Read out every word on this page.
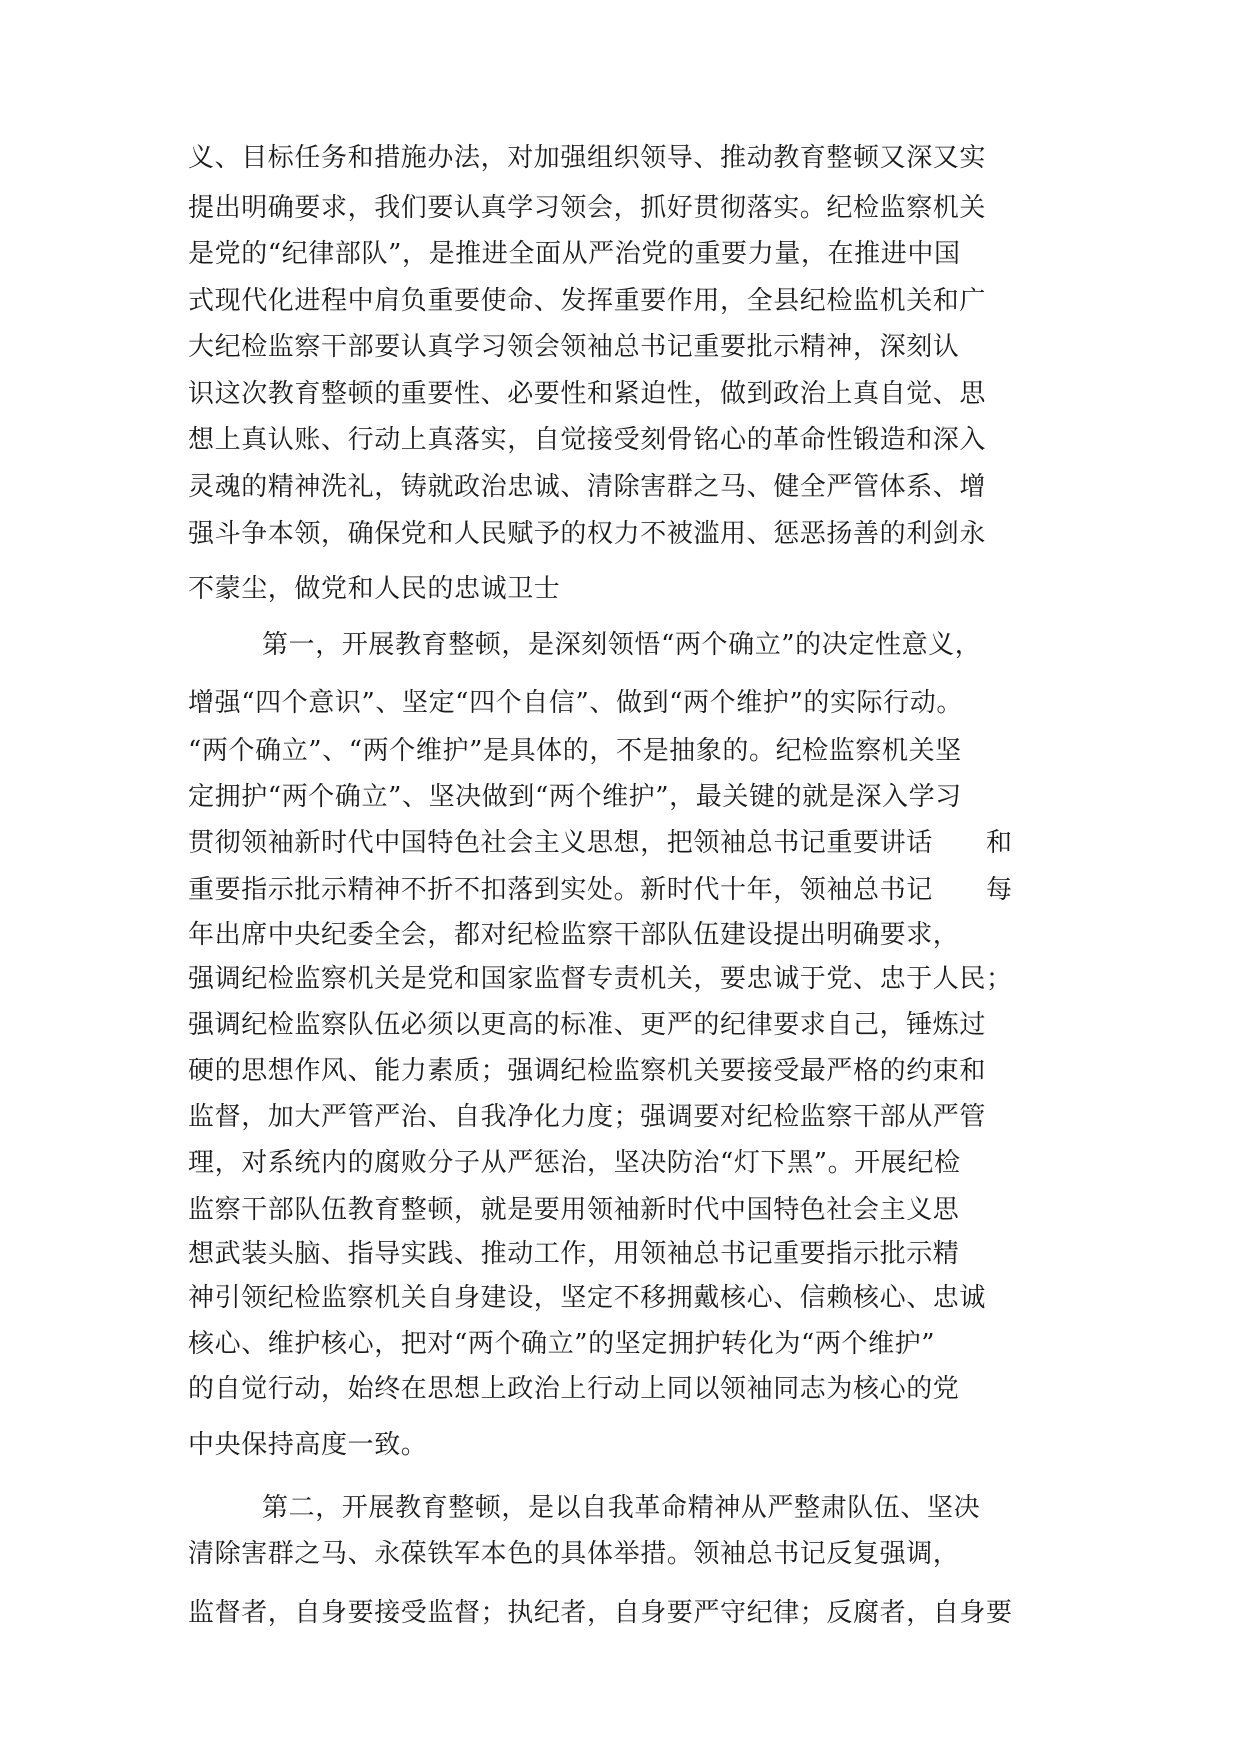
义、目标任务和措施办法，对加强组织领导、推动教育整顿又深又实
提出明确要求，我们要认真学习领会，抓好贯彻落实。纪检监察机关
是党的“纪律部队”，是推进全面从严治党的重要力量，在推进中国
式现代化进程中肩负重要使命、发挥重要作用，全县纪检监机关和广
大纪检监察干部要认真学习领会领袖总书记重要批示精神，深刻认
识这次教育整顿的重要性、必要性和紧迫性，做到政治上真自觉、思
想上真认账、行动上真落实，自觉接受刻骨铭心的革命性锻造和深入
灵魂的精神洗礼，铸就政治忠诚、清除害群之马、健全严管体系、增
强斗争本领，确保党和人民赋予的权力不被滥用、惩恶扬善的利剑永
不蒙尘，做党和人民的忠诚卫士
第一，开展教育整顿，是深刻领悟“两个确立”的决定性意义，
增强“四个意识”、坚定“四个自信”、做到“两个维护”的实际行动。
“两个确立”、“两个维护”是具体的，不是抽象的。纪检监察机关坚
定拥护“两个确立”、坚决做到“两个维护”，最关键的就是深入学习
贯彻领袖新时代中国特色社会主义思想，把领袖总书记重要讲话　　和
重要指示批示精神不折不扣落到实处。新时代十年，领袖总书记　　每
年出席中央纪委全会，都对纪检监察干部队伍建设提出明确要求，
强调纪检监察机关是党和国家监督专责机关，要忠诚于党、忠于人民；
强调纪检监察队伍必须以更高的标准、更严的纪律要求自己，锤炼过
硬的思想作风、能力素质；强调纪检监察机关要接受最严格的约束和
监督，加大严管严治、自我净化力度；强调要对纪检监察干部从严管
理，对系统内的腐败分子从严惩治，坚决防治“灯下黑”。开展纪检
监察干部队伍教育整顿，就是要用领袖新时代中国特色社会主义思
想武装头脑、指导实践、推动工作，用领袖总书记重要指示批示精
神引领纪检监察机关自身建设，坚定不移拥戴核心、信赖核心、忠诚
核心、维护核心，把对“两个确立”的坚定拥护转化为“两个维护”
的自觉行动，始终在思想上政治上行动上同以领袖同志为核心的党
中央保持高度一致。
第二，开展教育整顿，是以自我革命精神从严整肃队伍、坚决
清除害群之马、永葆铁军本色的具体举措。领袖总书记反复强调，
监督者，自身要接受监督；执纪者，自身要严守纪律；反腐者，自身要
